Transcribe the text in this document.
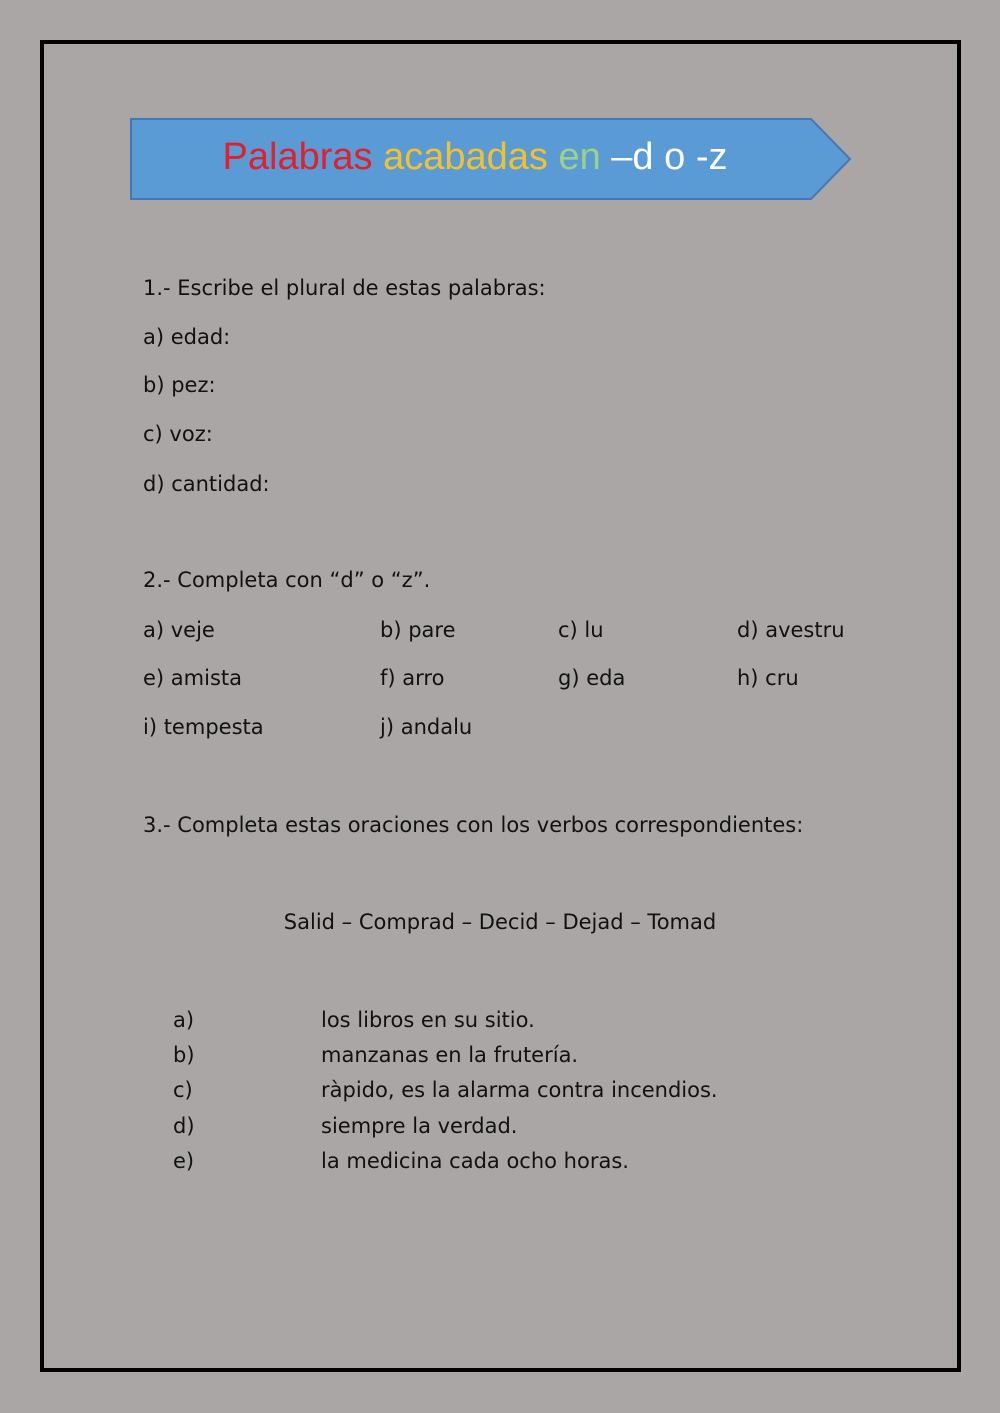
Palabras acabadas en –d o -z
1.- Escribe el plural de estas palabras:
a) edad:
b) pez:
c) voz:
d) cantidad:
2.- Completa con “d” o “z”.
a) veje	b) pare	c) lu	d) avestru
e) amista	f) arro	g) eda	h) cru
i) tempesta	j) andalu
3.- Completa estas oraciones con los verbos correspondientes:
Salid – Comprad – Decid – Dejad – Tomad
a)	los libros en su sitio.
b)	manzanas en la frutería.
c)	ràpido, es la alarma contra incendios.
d)	siempre la verdad.
e)	la medicina cada ocho horas.
